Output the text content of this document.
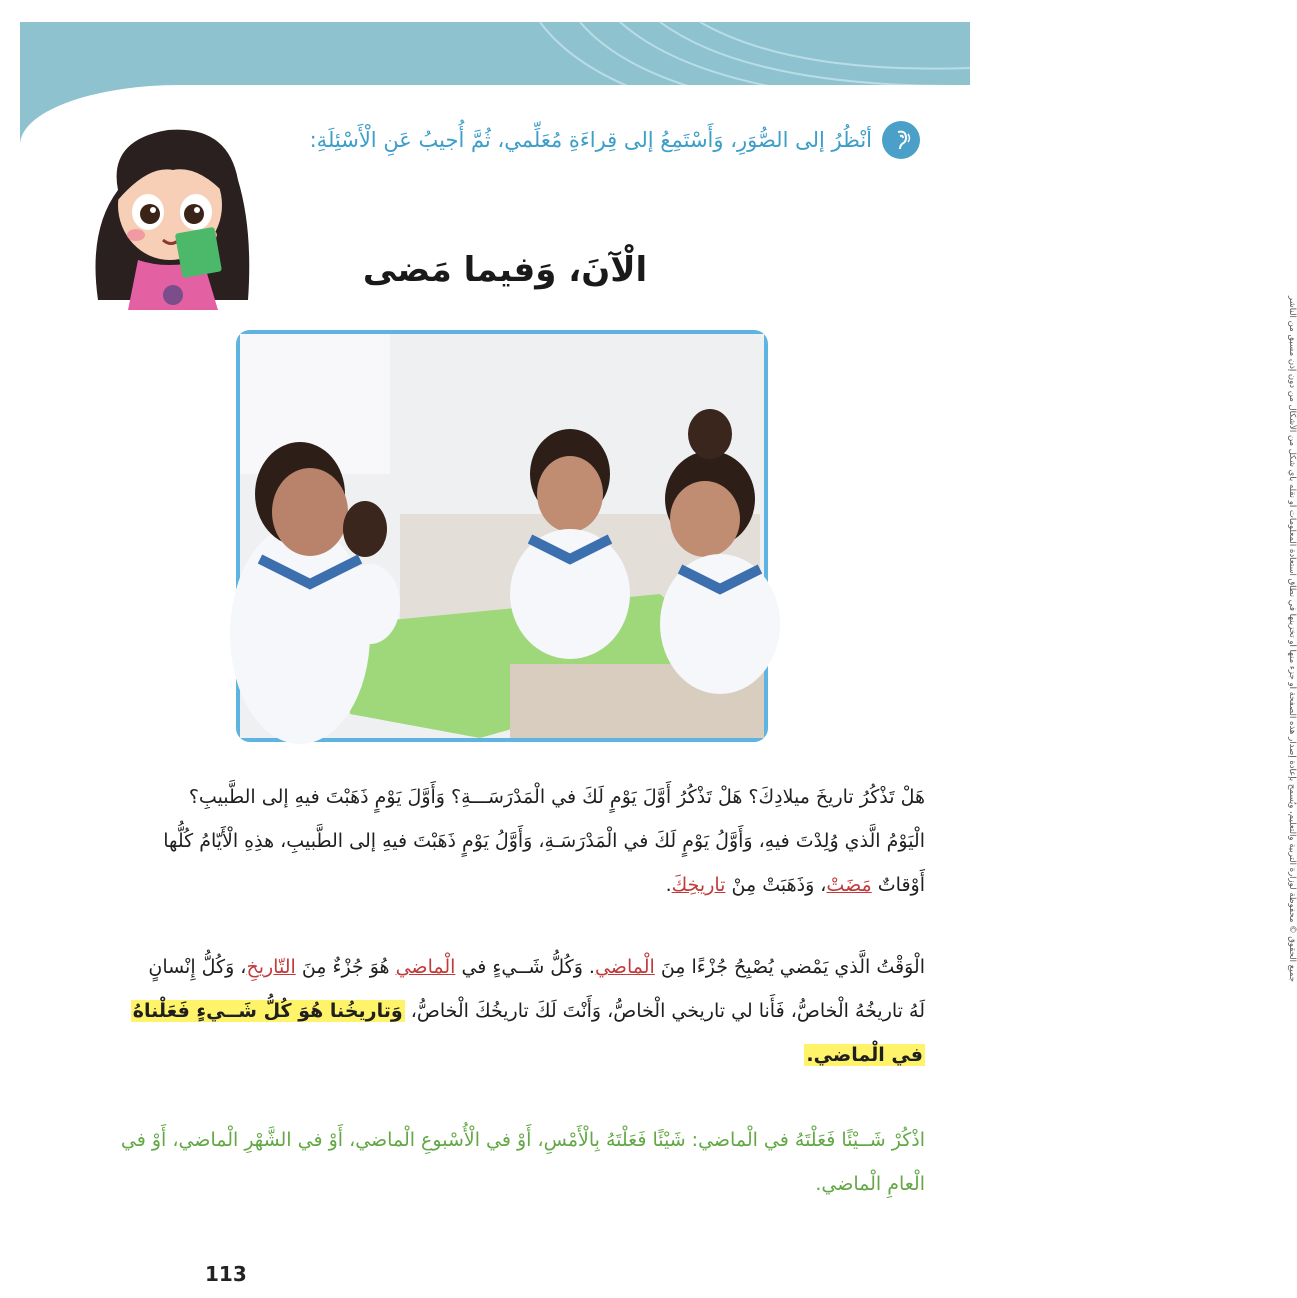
جميع الحقوق © محفوظة لوزارة التربية والتعليم، ويُسمح بإعادة إصدار هذه الصفحة أو جزء منها أو تخزينها في نطاق استعادة المعلومات أو نقله بأي شكل من الأشكال من دون إذن مسبق من الناشر
أنْظُرُ إلى الصُّوَرِ، وَأَسْتَمِعُ إلى قِراءَةِ مُعَلِّمي، ثُمَّ أُجيبُ عَنِ الْأَسْئِلَةِ:
الْآنَ، وَفيما مَضى
هَلْ تَذْكُرُ تاريخَ ميلادِكَ؟ هَلْ تَذْكُرُ أَوَّلَ يَوْمٍ لَكَ في الْمَدْرَسَـــةِ؟ وَأَوَّلَ يَوْمٍ ذَهَبْتَ فيهِ إلى الطَّبيبِ؟
الْيَوْمُ الَّذي وُلِدْتَ فيهِ، وَأَوَّلُ يَوْمٍ لَكَ في الْمَدْرَسَـةِ، وَأَوَّلُ يَوْمٍ ذَهَبْتَ فيهِ إلى الطَّبيبِ، هذِهِ الْأَيّامُ كُلُّها
أَوْقاتٌ مَضَتْ، وَذَهَبَتْ مِنْ تاريخِكَ.
الْوَقْتُ الَّذي يَمْضي يُصْبِحُ جُزْءًا مِنَ الْماضي. وَكُلُّ شَــيءٍ في الْماضي هُوَ جُزْءٌ مِنَ التّاريخِ، وَكُلُّ إِنْسانٍ
لَهُ تاريخُهُ الْخاصُّ، فَأَنا لي تاريخي الْخاصُّ، وَأَنْتَ لَكَ تاريخُكَ الْخاصُّ، وَتاريخُنا هُوَ كُلُّ شَــيءٍ فَعَلْناهُ
في الْماضي.
اذْكُرْ شَــيْئًا فَعَلْتَهُ في الْماضي: شَيْئًا فَعَلْتَهُ بِالْأَمْسِ، أَوْ في الْأُسْبوعِ الْماضي، أَوْ في الشَّهْرِ الْماضي، أَوْ في الْعامِ الْماضي.
113
